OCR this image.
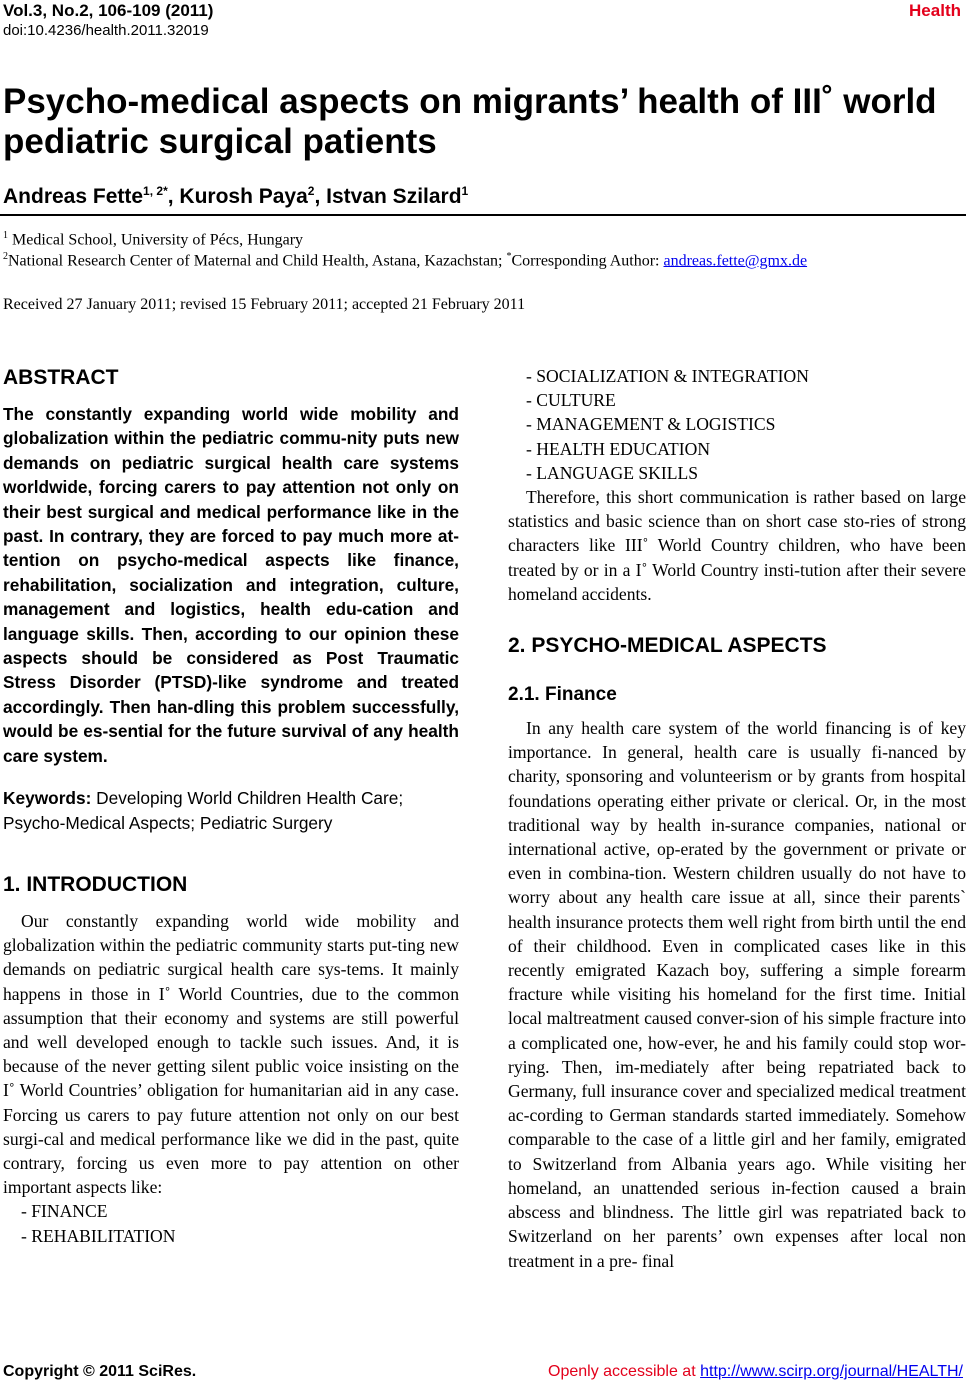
Vol.3, No.2, 106-109 (2011)
doi:10.4236/health.2011.32019
Health
Psycho-medical aspects on migrants’ health of III˚ world pediatric surgical patients
Andreas Fette$^{1, 2*}$, Kurosh Paya$^2$, Istvan Szilard$^1$
$^1$ Medical School, University of Pécs, Hungary
$^2$National Research Center of Maternal and Child Health, Astana, Kazachstan; *Corresponding Author: andreas.fette@gmx.de
Received 27 January 2011; revised 15 February 2011; accepted 21 February 2011
ABSTRACT
The constantly expanding world wide mobility and globalization within the pediatric commu-nity puts new demands on pediatric surgical health care systems worldwide, forcing carers to pay attention not only on their best surgical and medical performance like in the past. In contrary, they are forced to pay much more at-tention on psycho-medical aspects like finance, rehabilitation, socialization and integration, culture, management and logistics, health edu-cation and language skills. Then, according to our opinion these aspects should be considered as Post Traumatic Stress Disorder (PTSD)-like syndrome and treated accordingly. Then han-dling this problem successfully, would be es-sential for the future survival of any health care system.
Keywords: Developing World Children Health Care; Psycho-Medical Aspects; Pediatric Surgery
1. INTRODUCTION

Our constantly expanding world wide mobility and globalization within the pediatric community starts put-ting new demands on pediatric surgical health care sys-tems. It mainly happens in those in I˚ World Countries, due to the common assumption that their economy and systems are still powerful and well developed enough to tackle such issues. And, it is because of the never getting silent public voice insisting on the I˚ World Countries’ obligation for humanitarian aid in any case. Forcing us carers to pay future attention not only on our best surgi-cal and medical performance like we did in the past, quite contrary, forcing us even more to pay attention on other important aspects like:

- FINANCE
- REHABILITATION
- SOCIALIZATION & INTEGRATION
- CULTURE
- MANAGEMENT & LOGISTICS
- HEALTH EDUCATION
- LANGUAGE SKILLS

Therefore, this short communication is rather based on large statistics and basic science than on short case sto-ries of strong characters like III˚ World Country children, who have been treated by or in a I˚ World Country insti-tution after their severe homeland accidents.

2. PSYCHO-MEDICAL ASPECTS
2.1. Finance

In any health care system of the world financing is of key importance. In general, health care is usually fi-nanced by charity, sponsoring and volunteerism or by grants from hospital foundations operating either private or clerical. Or, in the most traditional way by health in-surance companies, national or international active, op-erated by the government or private or even in combina-tion. Western children usually do not have to worry about any health care issue at all, since their parents` health insurance protects them well right from birth until the end of their childhood. Even in complicated cases like in this recently emigrated Kazach boy, suffering a simple forearm fracture while visiting his homeland for the first time. Initial local maltreatment caused conver-sion of his simple fracture into a complicated one, how-ever, he and his family could stop wor- rying. Then, im-mediately after being repatriated back to Germany, full insurance cover and specialized medical treatment ac-cording to German standards started immediately. Somehow comparable to the case of a little girl and her family, emigrated to Switzerland from Albania years ago. While visiting her homeland, an unattended serious in-fection caused a brain abscess and blindness. The little girl was repatriated back to Switzerland on her parents’ own expenses after local non treatment in a pre- final

Copyright © 2011 SciRes.	Openly accessible at http://www.scirp.org/journal/HEALTH/
